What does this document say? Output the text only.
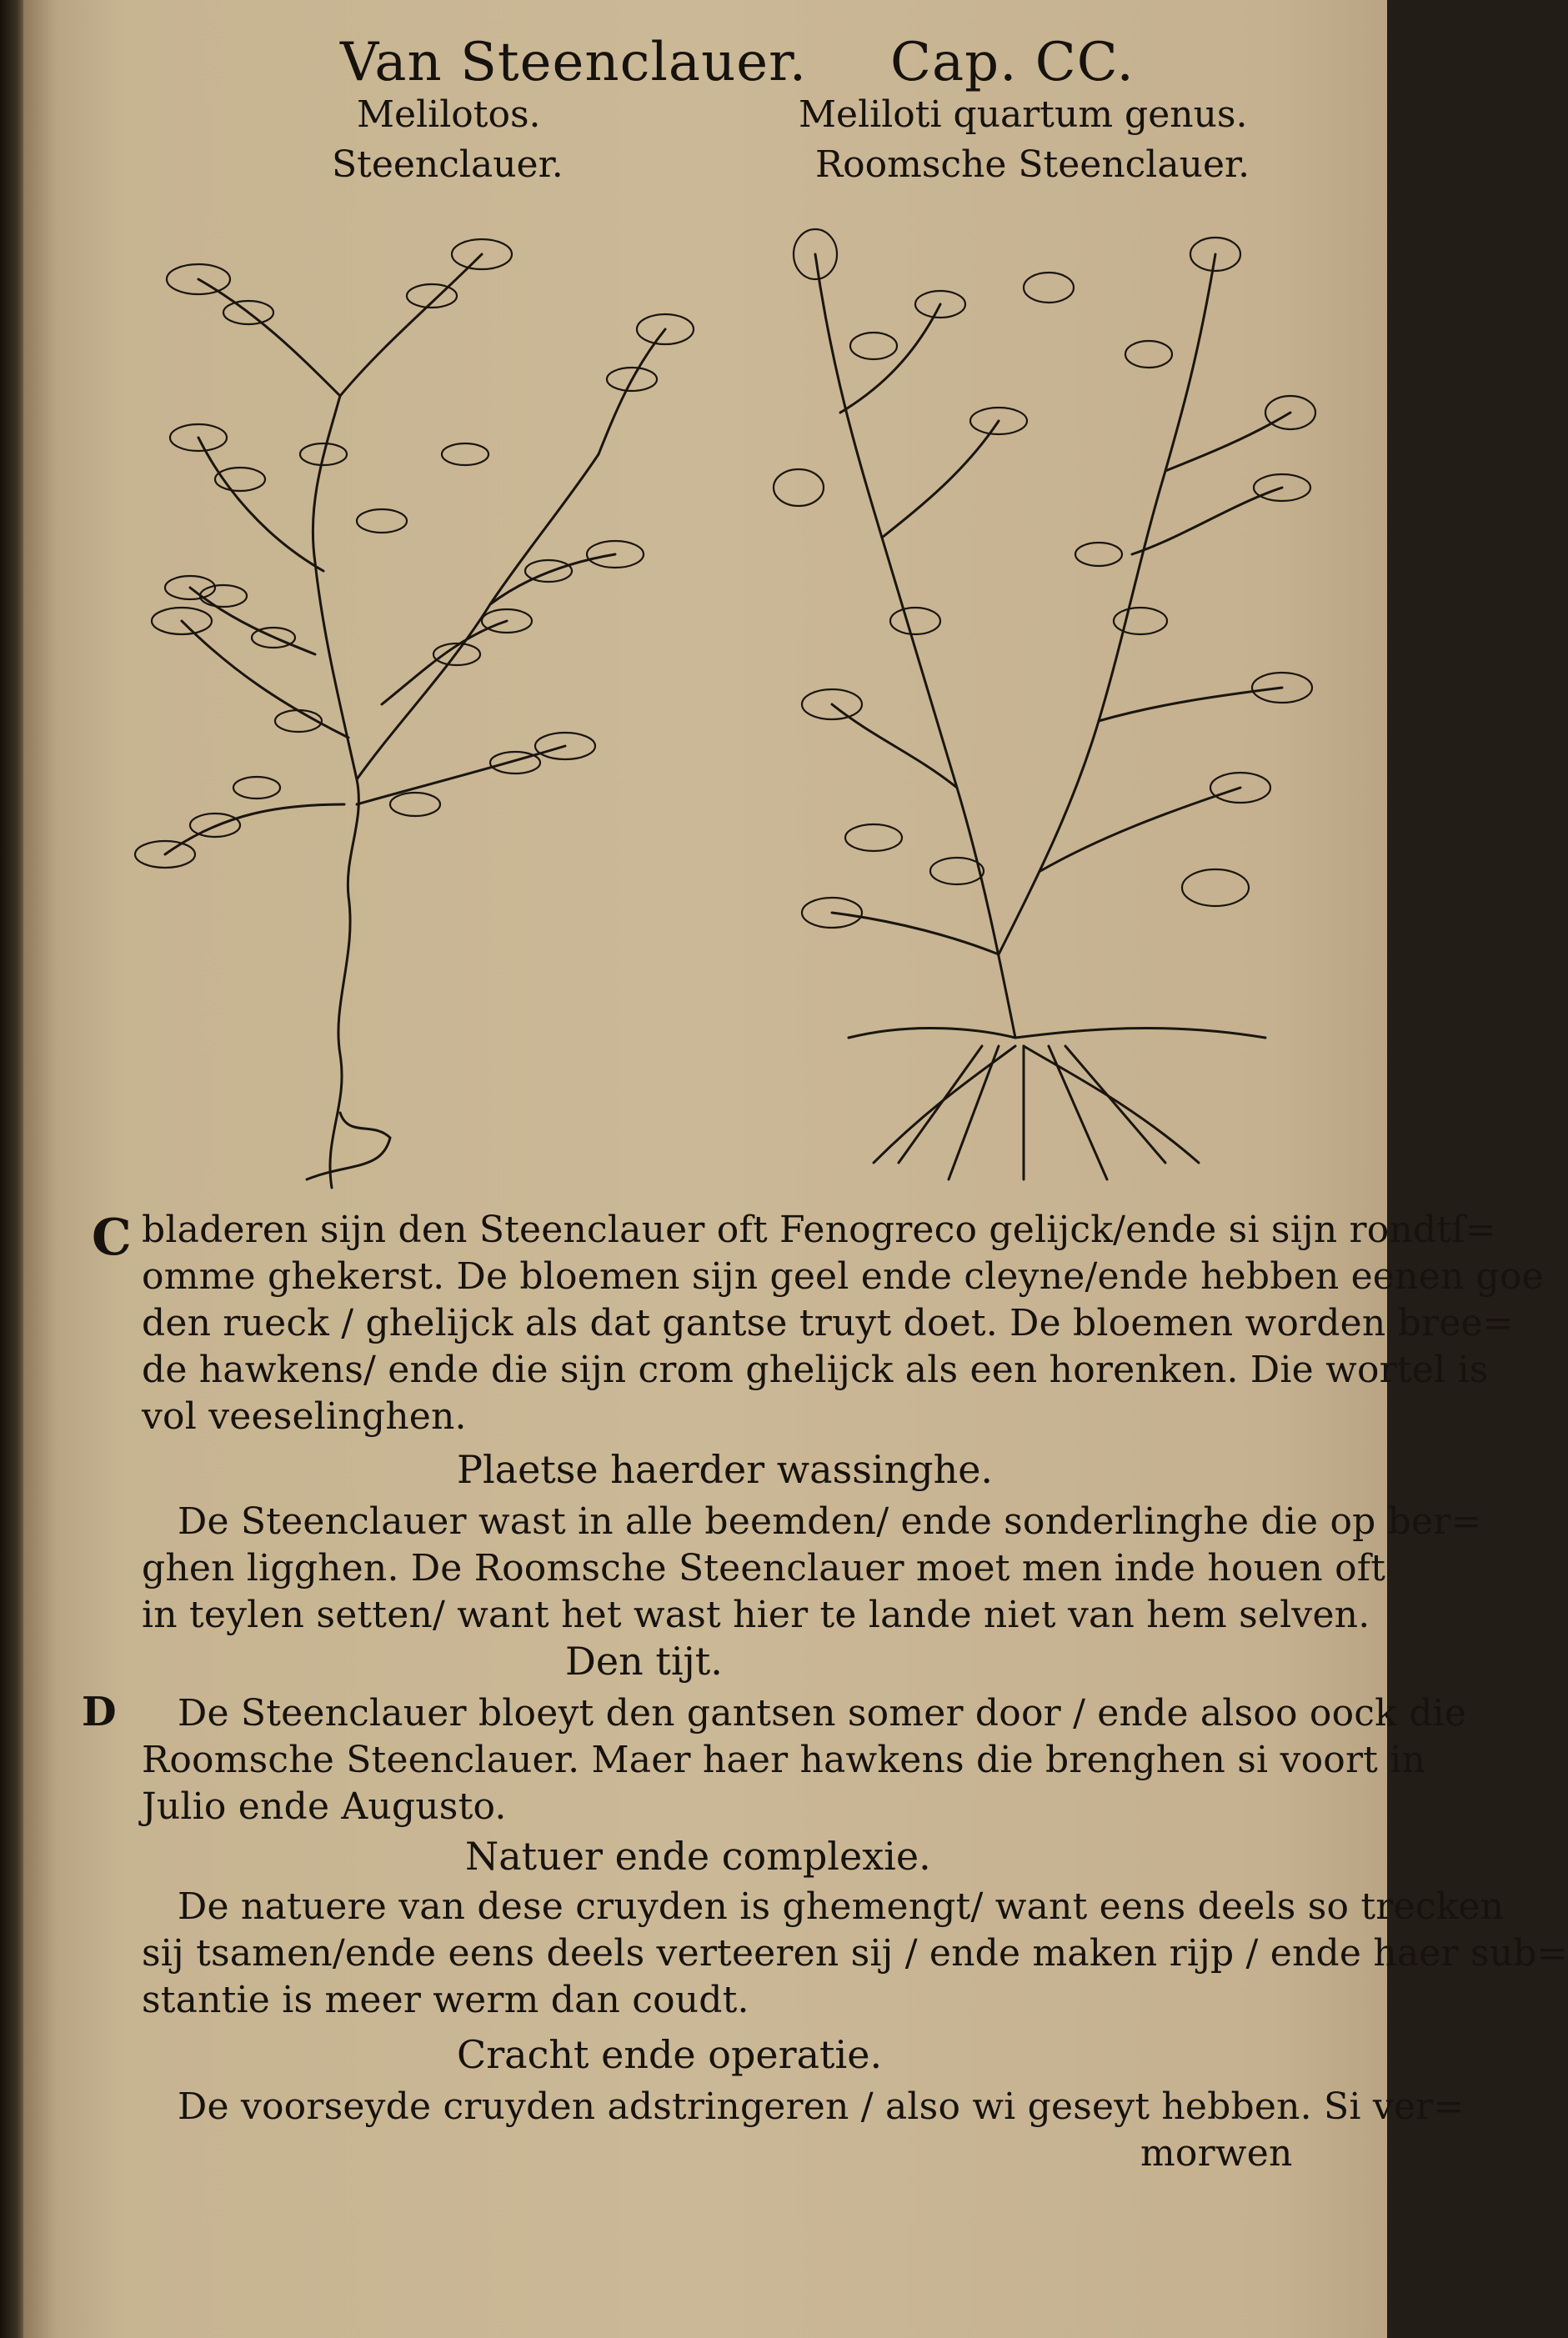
Van Steenclauer. Cap. CC.
Melilotos.
Steenclauer.
Meliloti quartum genus.
Roomsche Steenclauer.
C bladeren sijn den Steenclauer oft Fenogreco gelijck/ende si sijn rondtſ=
omme ghekerst. De bloemen sijn geel ende cleyne/ende hebben eenen goe
den rueck / ghelijck als dat gantse truyt doet. De bloemen worden bree=
de hawkens/ ende die sijn crom ghelijck als een horenken. Die wortel is
vol veeselinghen.
Plaetse haerder wassinghe.
De Steenclauer wast in alle beemden/ ende sonderlinghe die op ber=
ghen ligghen. De Roomsche Steenclauer moet men inde houen oft
in teylen setten/ want het wast hier te lande niet van hem selven.
Den tijt.
D De Steenclauer bloeyt den gantsen somer door / ende alsoo oock die
Roomsche Steenclauer. Maer haer hawkens die brenghen si voort in
Julio ende Augusto.
Natuer ende complexie.
De natuere van dese cruyden is ghemengt/ want eens deels so trecken
sij tsamen/ende eens deels verteeren sij / ende maken rijp / ende haer sub=
stantie is meer werm dan coudt.
Cracht ende operatie.
De voorseyde cruyden adstringeren / also wi geseyt hebben. Si ver=
morwen
